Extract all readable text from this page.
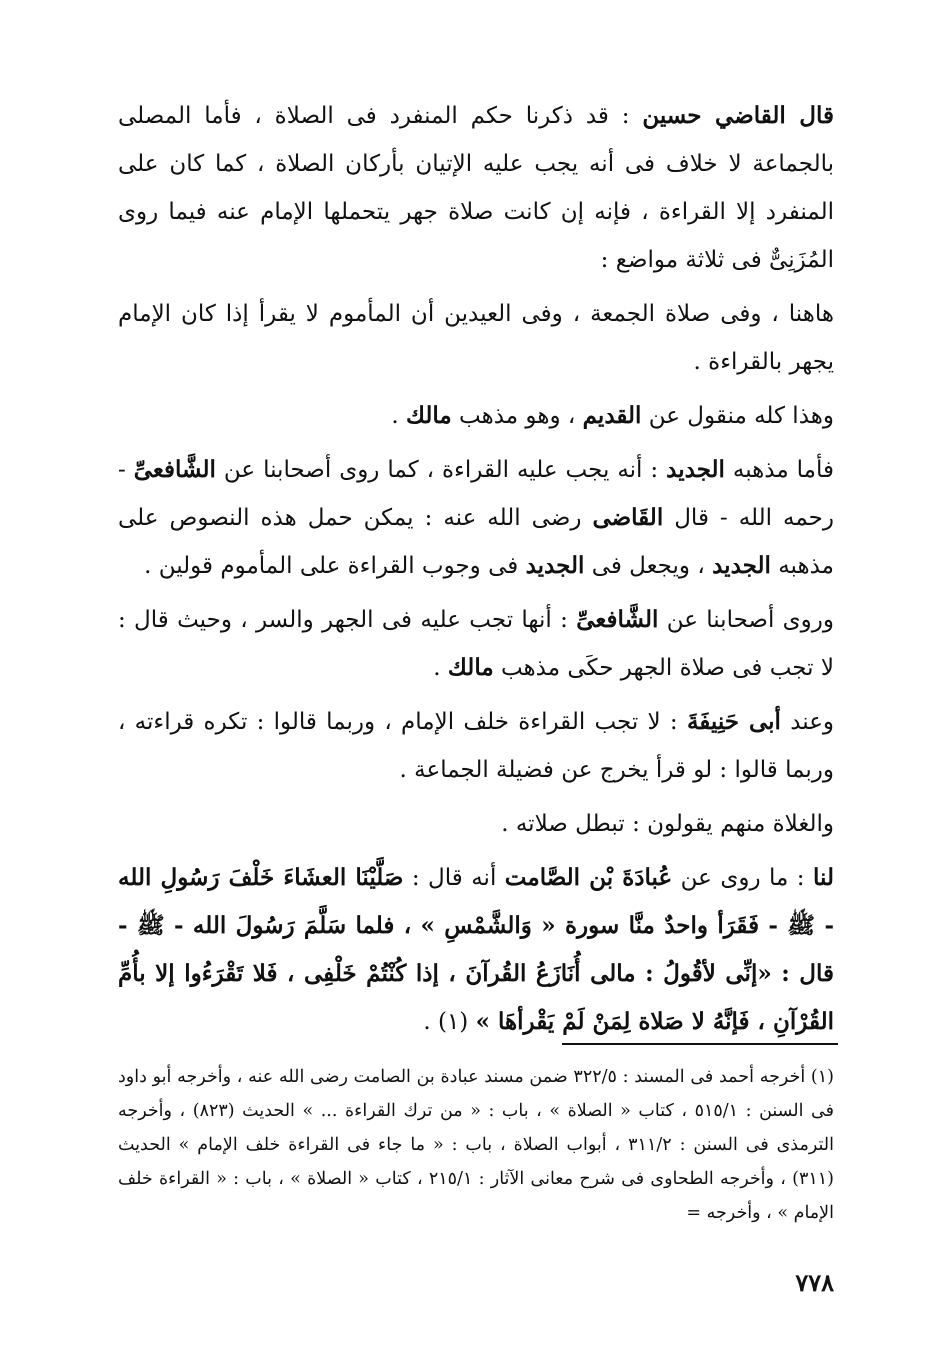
قال القاضي حسين : قد ذكرنا حكم المنفرد فى الصلاة ، فأما المصلى بالجماعة لا خلاف فى أنه يجب عليه الإتيان بأركان الصلاة ، كما كان على المنفرد إلا القراءة ، فإنه إن كانت صلاة جهر يتحملها الإمام عنه فيما روى المُزَنِىٌّ فى ثلاثة مواضع :

هاهنا ، وفى صلاة الجمعة ، وفى العيدين أن المأموم لا يقرأ إذا كان الإمام يجهر بالقراءة .

وهذا كله منقول عن القديم ، وهو مذهب مالك .

فأما مذهبه الجديد : أنه يجب عليه القراءة ، كما روى أصحابنا عن الشَّافعىِّ - رحمه الله - قال القَاضى رضى الله عنه : يمكن حمل هذه النصوص على مذهبه الجديد ، ويجعل فى الجديد فى وجوب القراءة على المأموم قولين .

وروى أصحابنا عن الشَّافعىِّ : أنها تجب عليه فى الجهر والسر ، وحيث قال : لا تجب فى صلاة الجهر حكَى مذهب مالك .

وعند أبى حَنِيفَةَ : لا تجب القراءة خلف الإمام ، وربما قالوا : تكره قراءته ، وربما قالوا : لو قرأ يخرج عن فضيلة الجماعة .

والغلاة منهم يقولون : تبطل صلاته .

لنا : ما روى عن عُبادَةَ بْن الصَّامت أنه قال : صَلَّيْنَا العشَاءَ خَلْفَ رَسُولِ الله - ﷺ - فَقَرَأ واحدٌ منَّا سورة « وَالشَّمْسِ » ، فلما سَلَّمَ رَسُولَ الله - ﷺ - قال : «إنِّى لأقُولُ : مالى أُنَازَعُ القُرآنَ ، إذا كُنْتُمْ خَلْفِى ، فَلا تَقْرَءُوا إلا بأُمِّ القُرْآنِ ، فَإنَّهُ لا صَلاة لِمَنْ لَمْ يَقْرأهَا » (١) .

(١) أخرجه أحمد فى المسند : ٣٢٢/٥ ضمن مسند عبادة بن الصامت رضى الله عنه ، وأخرجه أبو داود فى السنن : ٥١٥/١ ، كتاب « الصلاة » ، باب : « من ترك القراءة ... » الحديث (٨٢٣) ، وأخرجه الترمذى فى السنن : ٣١١/٢ ، أبواب الصلاة ، باب : « ما جاء فى القراءة خلف الإمام » الحديث (٣١١) ، وأخرجه الطحاوى فى شرح معانى الآثار : ٢١٥/١ ، كتاب « الصلاة » ، باب : « القراءة خلف الإمام » ، وأخرجه =

٧٧٨
